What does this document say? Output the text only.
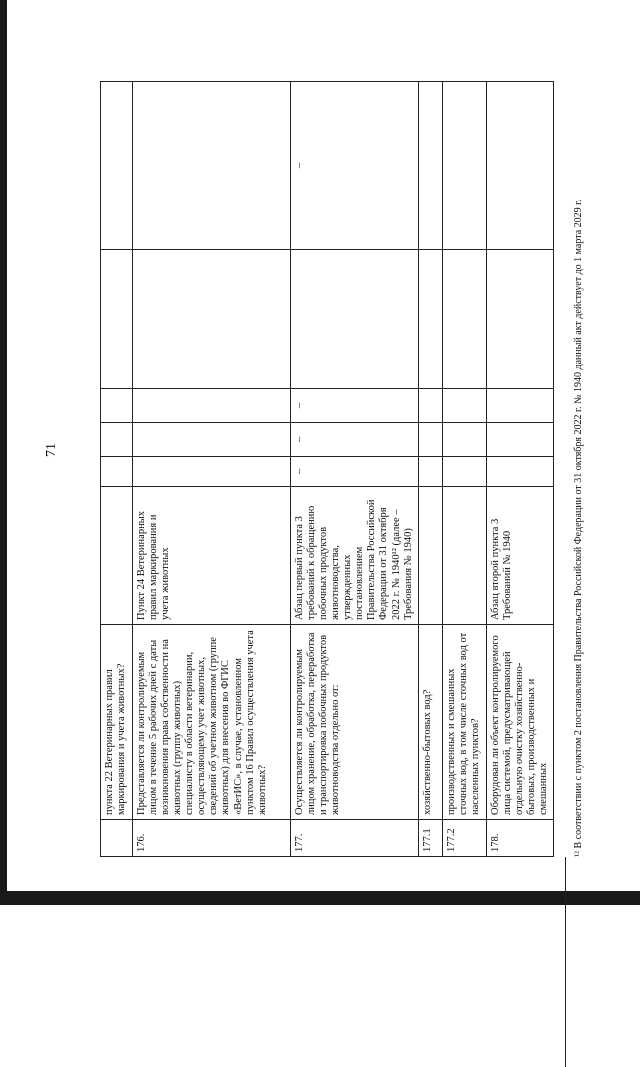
71
	пункта 22 Ветеринарных правил маркирования и учета животных?						
176.	Представляется ли контролируемым лицом в течение 5 рабочих дней с даты возникновения права собственности на животных (группу животных) специалисту в области ветеринарии, осуществляющему учет животных, сведений об учетном животном (группе животных) для внесения во ФГИС «ВетИС», в случае, установленном пунктом 16 Правил осуществления учета животных?	Пункт 24 Ветеринарных правил маркирования и учета животных					
177.	Осуществляется ли контролируемым лицом хранение, обработка, переработка и транспортировка побочных продуктов животноводства отдельно от:	Абзац первый пункта 3 требований к обращению побочных продуктов животноводства, утвержденных постановлением Правительства Российской Федерации от 31 октября 2022 г. № 1940¹² (далее – Требования № 1940)	–	–	–		–
177.1	хозяйственно-бытовых вод?						
177.2	производственных и смешанных сточных вод, в том числе сточных вод от населенных пунктов?						
178.	Оборудован ли объект контролируемого лица системой, предусматривающей отдельную очистку хозяйственно-бытовых, производственных и смешанных	Абзац второй пункта 3 Требований № 1940						¹² В соответствии с пунктом 2 постановления Правительства Российской Федерации от 31 октября 2022 г. № 1940 данный акт действует до 1 марта 2029 г.
